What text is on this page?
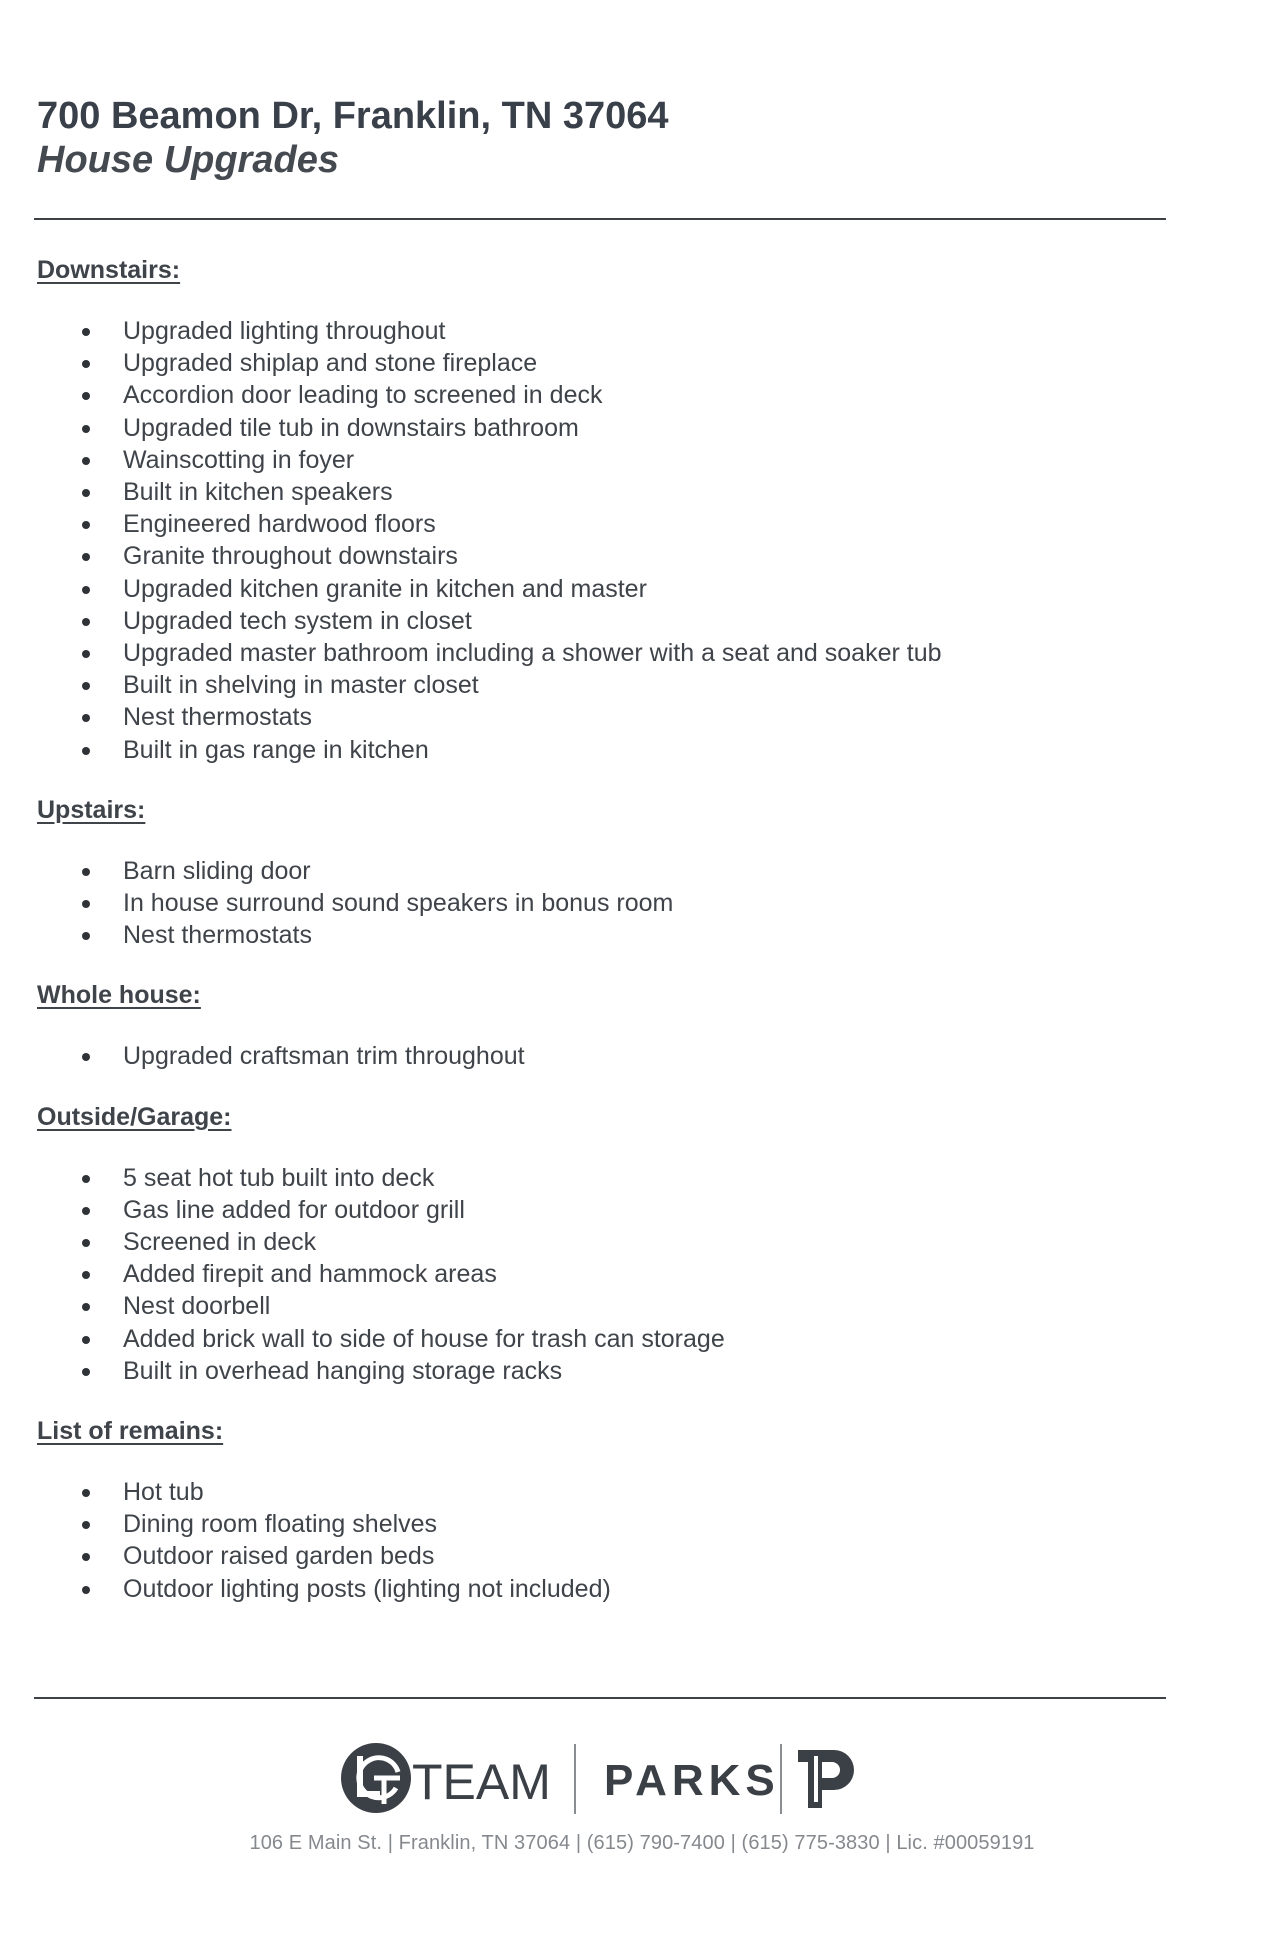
700 Beamon Dr, Franklin, TN 37064
House Upgrades
Downstairs:
Upgraded lighting throughout
Upgraded shiplap and stone fireplace
Accordion door leading to screened in deck
Upgraded tile tub in downstairs bathroom
Wainscotting in foyer
Built in kitchen speakers
Engineered hardwood floors
Granite throughout downstairs
Upgraded kitchen granite in kitchen and master
Upgraded tech system in closet
Upgraded master bathroom including a shower with a seat and soaker tub
Built in shelving in master closet
Nest thermostats
Built in gas range in kitchen
Upstairs:
Barn sliding door
In house surround sound speakers in bonus room
Nest thermostats
Whole house:
Upgraded craftsman trim throughout
Outside/Garage:
5 seat hot tub built into deck
Gas line added for outdoor grill
Screened in deck
Added firepit and hammock areas
Nest doorbell
Added brick wall to side of house for trash can storage
Built in overhead hanging storage racks
List of remains:
Hot tub
Dining room floating shelves
Outdoor raised garden beds
Outdoor lighting posts (lighting not included)
TEAM PARKS
106 E Main St. | Franklin, TN 37064 | (615) 790-7400 | (615) 775-3830 | Lic. #00059191
